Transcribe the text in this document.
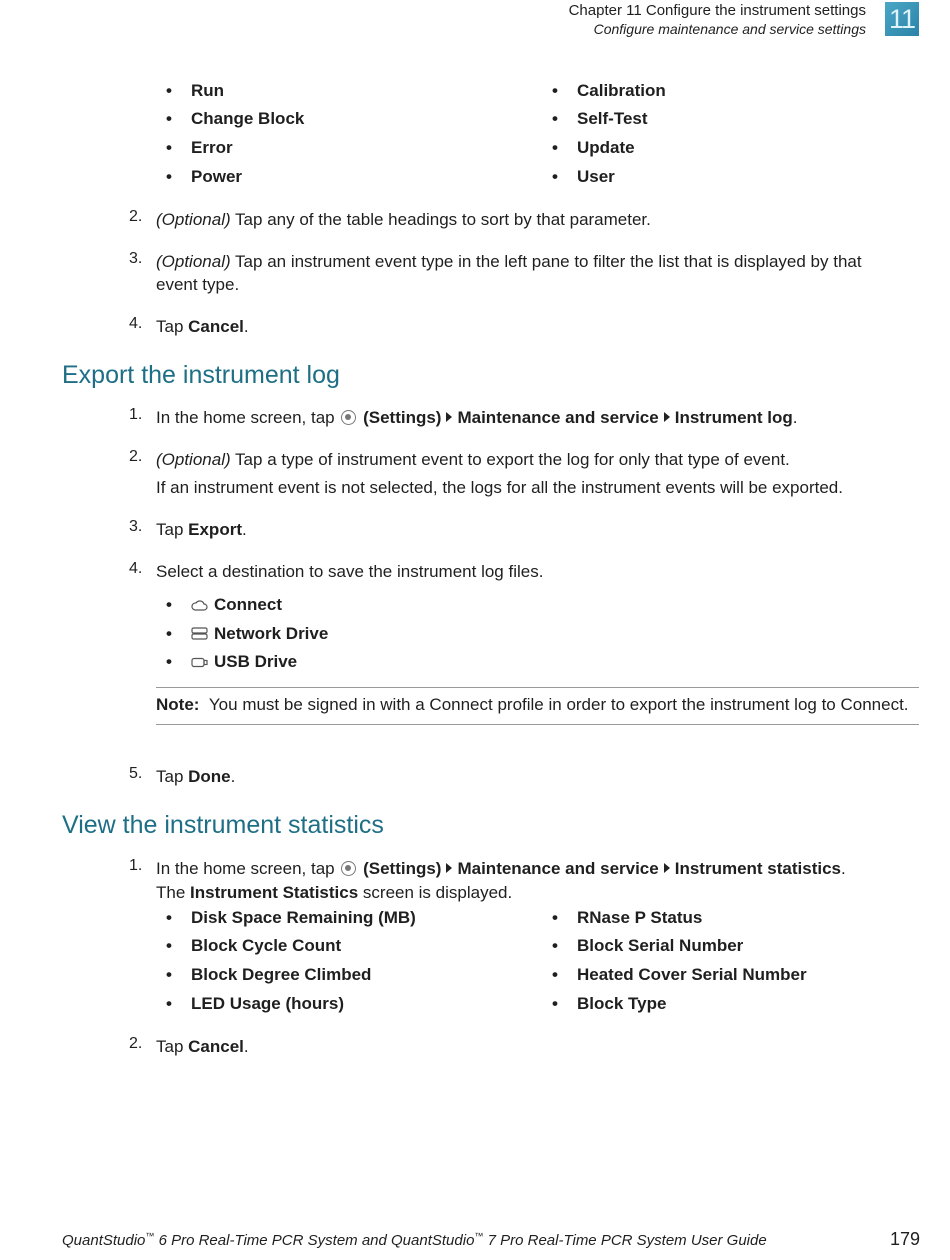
Chapter 11 Configure the instrument settings
Configure maintenance and service settings 11
• Run
• Change Block
• Error
• Power
• Calibration
• Self-Test
• Update
• User
2. (Optional) Tap any of the table headings to sort by that parameter.
3. (Optional) Tap an instrument event type in the left pane to filter the list that is displayed by that event type.
4. Tap Cancel.
Export the instrument log
1. In the home screen, tap  (Settings) Maintenance and service Instrument log.
2. (Optional) Tap a type of instrument event to export the log for only that type of event.
If an instrument event is not selected, the logs for all the instrument events will be exported.
3. Tap Export.
4. Select a destination to save the instrument log files.
• Connect
• Network Drive
• USB Drive
Note: You must be signed in with a Connect profile in order to export the instrument log to Connect.
5. Tap Done.
View the instrument statistics
1. In the home screen, tap  (Settings) Maintenance and service Instrument statistics.
The Instrument Statistics screen is displayed.
• Disk Space Remaining (MB)
• Block Cycle Count
• Block Degree Climbed
• LED Usage (hours)
• RNase P Status
• Block Serial Number
• Heated Cover Serial Number
• Block Type
2. Tap Cancel.
QuantStudio™ 6 Pro Real-Time PCR System and QuantStudio™ 7 Pro Real-Time PCR System User Guide	179
